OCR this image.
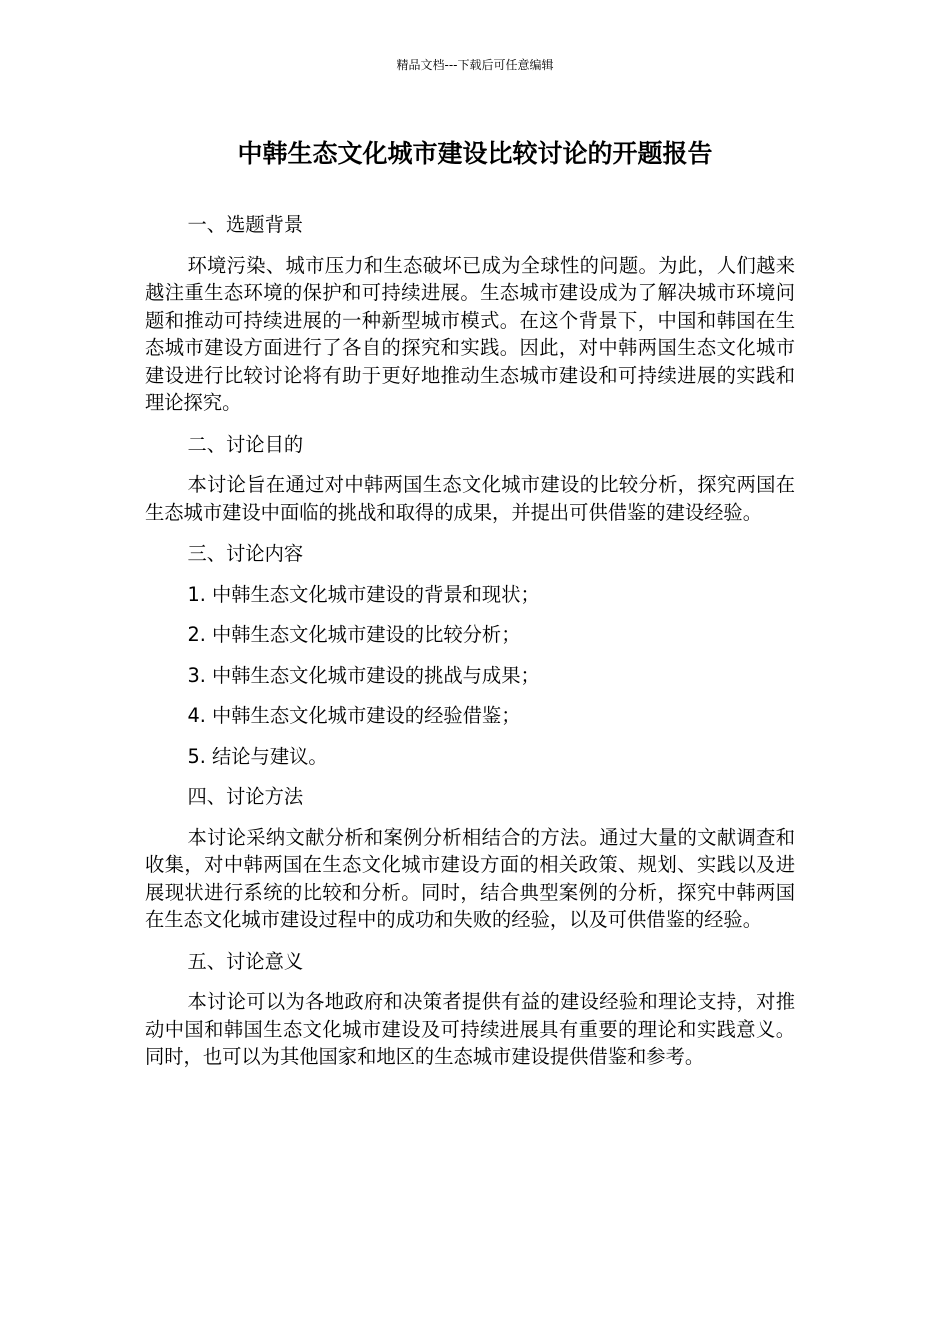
精品文档---下载后可任意编辑
中韩生态文化城市建设比较讨论的开题报告

一、选题背景

环境污染、城市压力和生态破坏已成为全球性的问题。为此，人们越来越注重生态环境的保护和可持续进展。生态城市建设成为了解决城市环境问题和推动可持续进展的一种新型城市模式。在这个背景下，中国和韩国在生态城市建设方面进行了各自的探究和实践。因此，对中韩两国生态文化城市建设进行比较讨论将有助于更好地推动生态城市建设和可持续进展的实践和理论探究。

二、讨论目的

本讨论旨在通过对中韩两国生态文化城市建设的比较分析，探究两国在生态城市建设中面临的挑战和取得的成果，并提出可供借鉴的建设经验。

三、讨论内容

1. 中韩生态文化城市建设的背景和现状；

2. 中韩生态文化城市建设的比较分析；

3. 中韩生态文化城市建设的挑战与成果；

4. 中韩生态文化城市建设的经验借鉴；

5. 结论与建议。

四、讨论方法

本讨论采纳文献分析和案例分析相结合的方法。通过大量的文献调查和收集，对中韩两国在生态文化城市建设方面的相关政策、规划、实践以及进展现状进行系统的比较和分析。同时，结合典型案例的分析，探究中韩两国在生态文化城市建设过程中的成功和失败的经验，以及可供借鉴的经验。

五、讨论意义

本讨论可以为各地政府和决策者提供有益的建设经验和理论支持，对推动中国和韩国生态文化城市建设及可持续进展具有重要的理论和实践意义。同时，也可以为其他国家和地区的生态城市建设提供借鉴和参考。
